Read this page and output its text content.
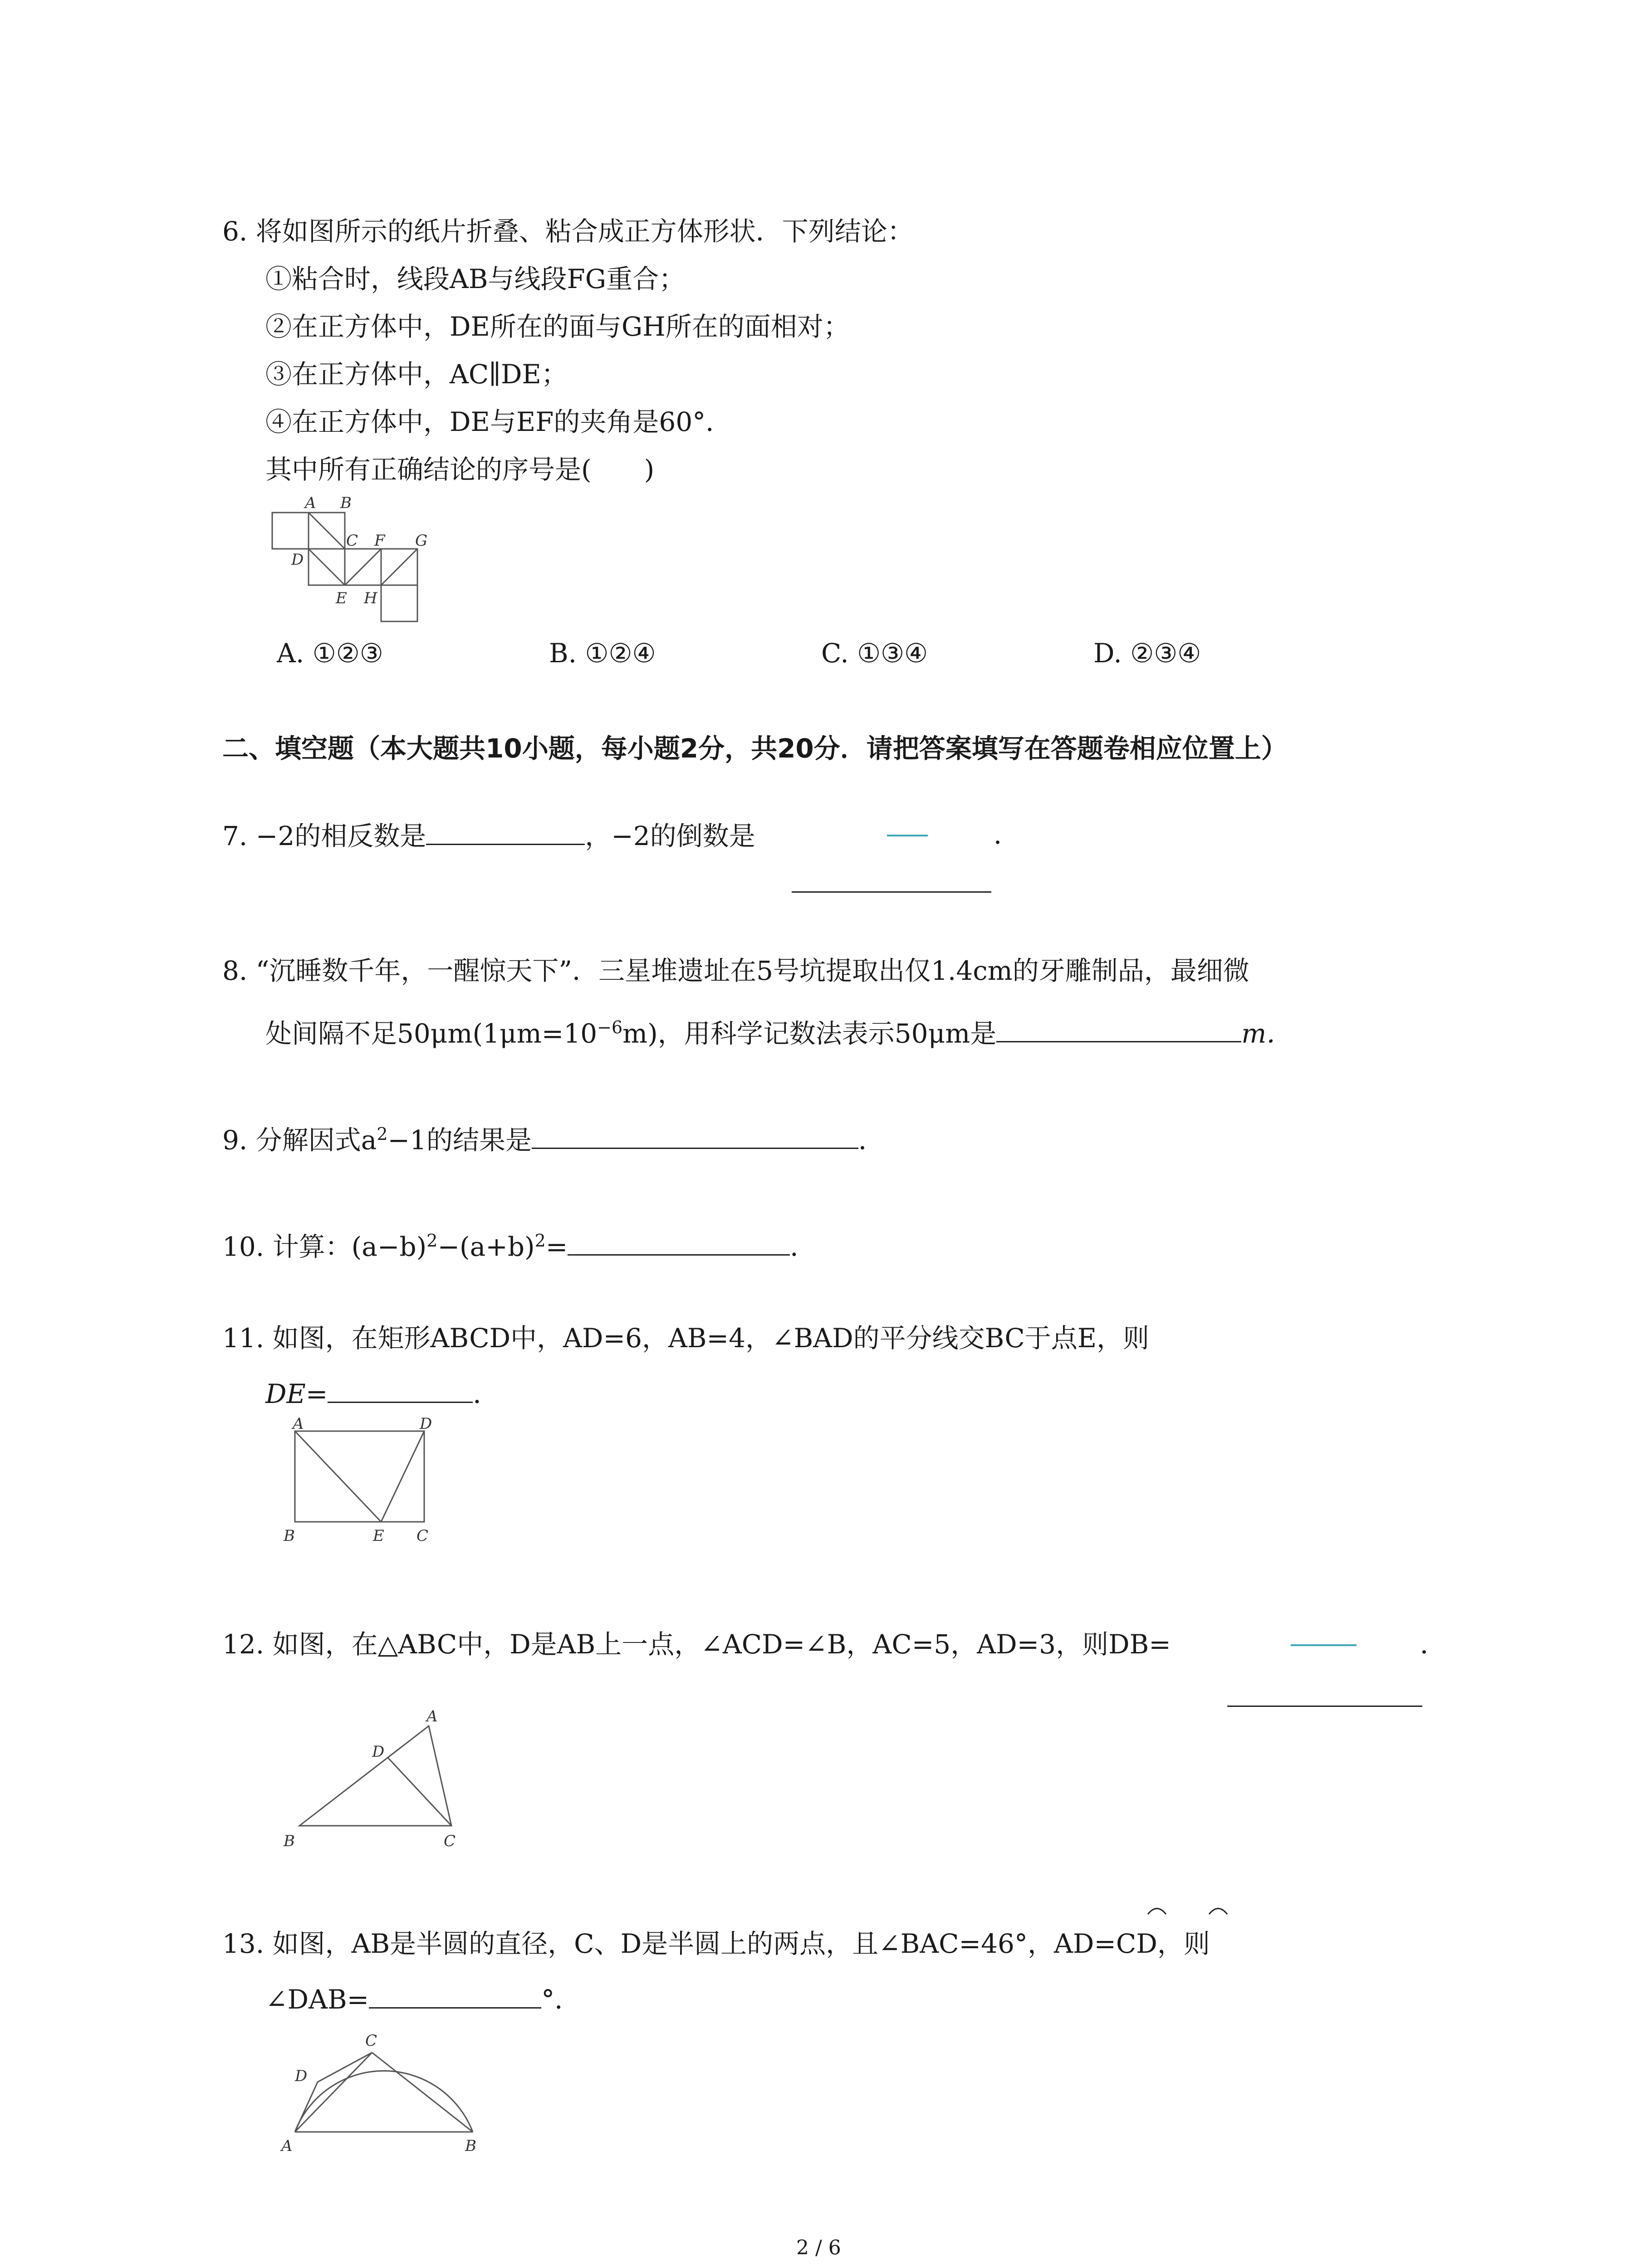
6. 将如图所示的纸片折叠、粘合成正方体形状．下列结论：
①粘合时，线段AB与线段FG重合；
②在正方体中，DE所在的面与GH所在的面相对；
③在正方体中，AC∥DE；
④在正方体中，DE与EF的夹角是60°．
其中所有正确结论的序号是(　　)
A B
C F G
D
E H
A. ①②③	B. ①②④	C. ①③④	D. ②③④
二、填空题（本大题共10小题，每小题2分，共20分．请把答案填写在答题卷相应位置上）
7. −2的相反数是	，−2的倒数是	．
8. “沉睡数千年，一醒惊天下”．三星堆遗址在5号坑提取出仅1.4cm的牙雕制品，最细微
处间隔不足$50\mu m(1\mu m=10^{-6}m)$，用科学记数法表示50μm是	m．
9. 分解因式$a^2-1$的结果是	．
10. 计算：$(a-b)^2-(a+b)^2=$	．
11. 如图，在矩形ABCD中，AD=6，AB=4，∠BAD的平分线交BC于点E，则
DE=	．
A	D
B	E C
12. 如图，在△ABC中，D是AB上一点，∠ACD=∠B，AC=5，AD=3，则DB=	．
A
D
B	C
13. 如图，AB是半圆的直径，C、D是半圆上的两点，且∠BAC=46°，AD=CD，则
∠DAB=	°．
C
D
A	B
2 / 6
